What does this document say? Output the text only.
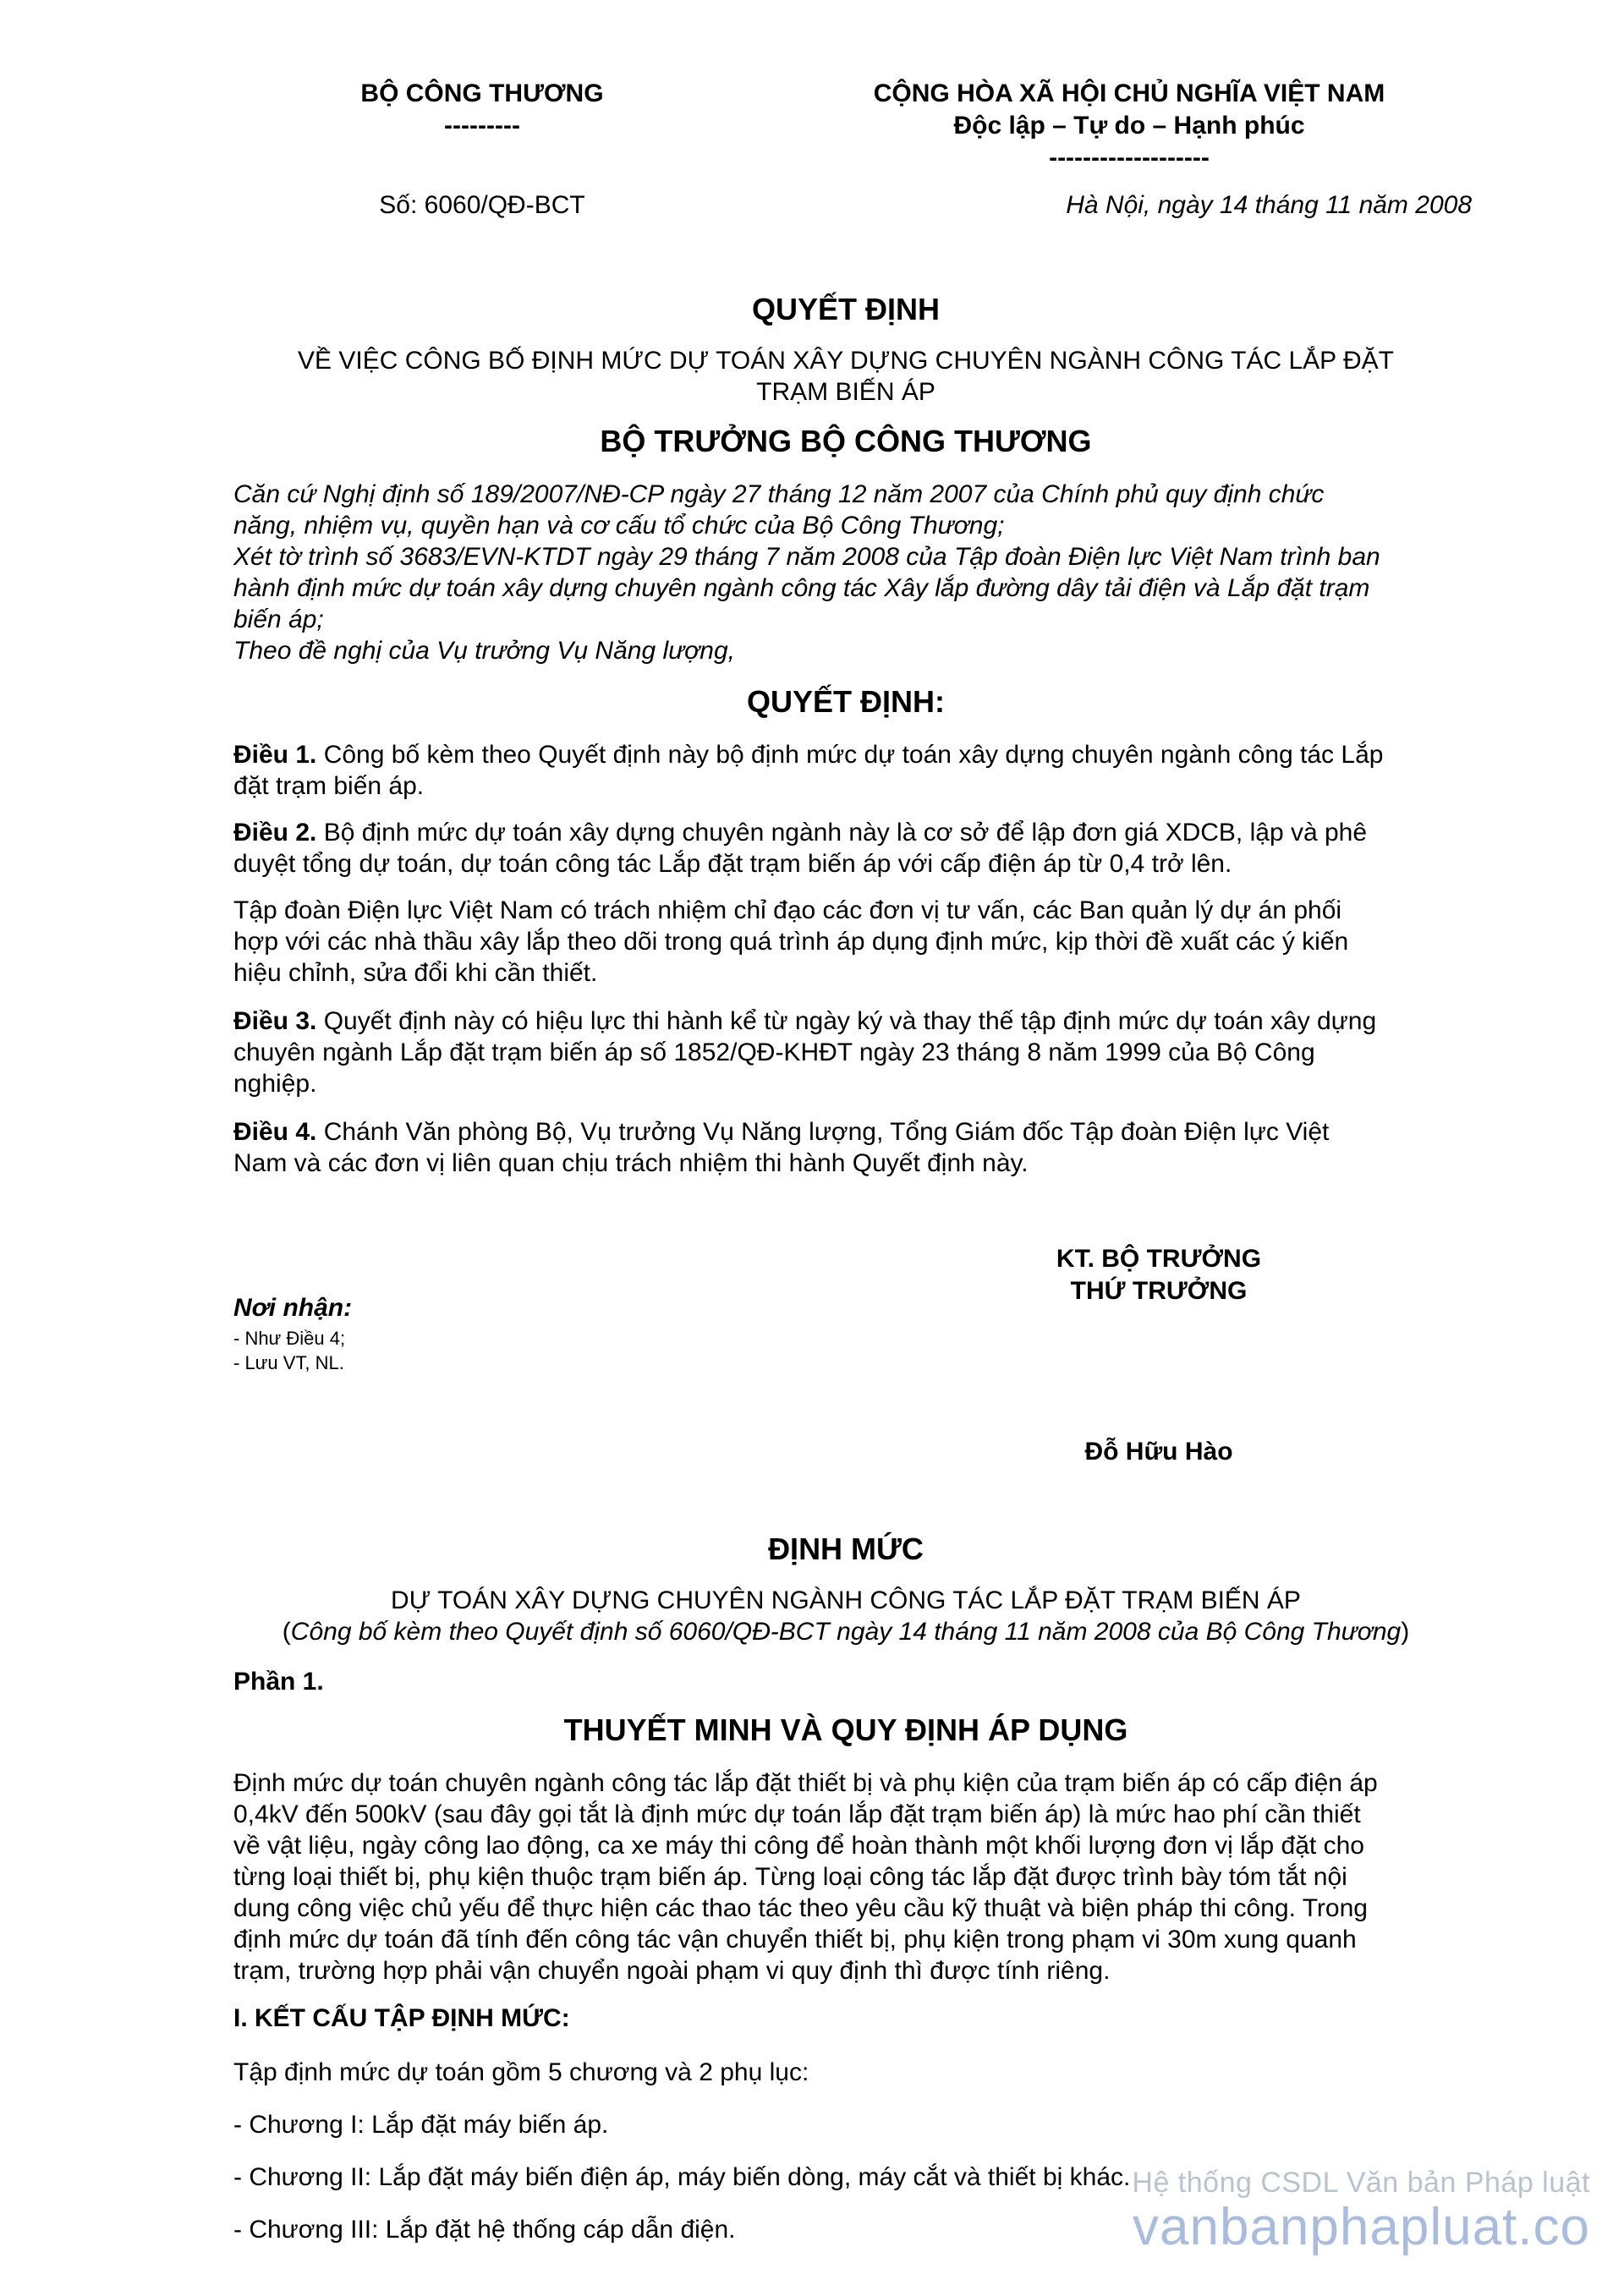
BỘ CÔNG THƯƠNG
---------
CỘNG HÒA XÃ HỘI CHỦ NGHĨA VIỆT NAM
Độc lập – Tự do – Hạnh phúc
-------------------
Số: 6060/QĐ-BCT	Hà Nội, ngày 14 tháng 11 năm 2008
QUYẾT ĐỊNH
VỀ VIỆC CÔNG BỐ ĐỊNH MỨC DỰ TOÁN XÂY DỰNG CHUYÊN NGÀNH CÔNG TÁC LẮP ĐẶT
TRẠM BIẾN ÁP
BỘ TRƯỞNG BỘ CÔNG THƯƠNG
Căn cứ Nghị định số 189/2007/NĐ-CP ngày 27 tháng 12 năm 2007 của Chính phủ quy định chức
năng, nhiệm vụ, quyền hạn và cơ cấu tổ chức của Bộ Công Thương;
Xét tờ trình số 3683/EVN-KTDT ngày 29 tháng 7 năm 2008 của Tập đoàn Điện lực Việt Nam trình ban
hành định mức dự toán xây dựng chuyên ngành công tác Xây lắp đường dây tải điện và Lắp đặt trạm
biến áp;
Theo đề nghị của Vụ trưởng Vụ Năng lượng,
QUYẾT ĐỊNH:
Điều 1. Công bố kèm theo Quyết định này bộ định mức dự toán xây dựng chuyên ngành công tác Lắp
đặt trạm biến áp.
Điều 2. Bộ định mức dự toán xây dựng chuyên ngành này là cơ sở để lập đơn giá XDCB, lập và phê
duyệt tổng dự toán, dự toán công tác Lắp đặt trạm biến áp với cấp điện áp từ 0,4 trở lên.
Tập đoàn Điện lực Việt Nam có trách nhiệm chỉ đạo các đơn vị tư vấn, các Ban quản lý dự án phối
hợp với các nhà thầu xây lắp theo dõi trong quá trình áp dụng định mức, kịp thời đề xuất các ý kiến
hiệu chỉnh, sửa đổi khi cần thiết.
Điều 3. Quyết định này có hiệu lực thi hành kể từ ngày ký và thay thế tập định mức dự toán xây dựng
chuyên ngành Lắp đặt trạm biến áp số 1852/QĐ-KHĐT ngày 23 tháng 8 năm 1999 của Bộ Công
nghiệp.
Điều 4. Chánh Văn phòng Bộ, Vụ trưởng Vụ Năng lượng, Tổng Giám đốc Tập đoàn Điện lực Việt
Nam và các đơn vị liên quan chịu trách nhiệm thi hành Quyết định này.
KT. BỘ TRƯỞNG
THỨ TRƯỞNG
Đỗ Hữu Hào
Nơi nhận:
- Như Điều 4;
- Lưu VT, NL.
ĐỊNH MỨC
DỰ TOÁN XÂY DỰNG CHUYÊN NGÀNH CÔNG TÁC LẮP ĐẶT TRẠM BIẾN ÁP
(Công bố kèm theo Quyết định số 6060/QĐ-BCT ngày 14 tháng 11 năm 2008 của Bộ Công Thương)
Phần 1.
THUYẾT MINH VÀ QUY ĐỊNH ÁP DỤNG
Định mức dự toán chuyên ngành công tác lắp đặt thiết bị và phụ kiện của trạm biến áp có cấp điện áp
0,4kV đến 500kV (sau đây gọi tắt là định mức dự toán lắp đặt trạm biến áp) là mức hao phí cần thiết
về vật liệu, ngày công lao động, ca xe máy thi công để hoàn thành một khối lượng đơn vị lắp đặt cho
từng loại thiết bị, phụ kiện thuộc trạm biến áp. Từng loại công tác lắp đặt được trình bày tóm tắt nội
dung công việc chủ yếu để thực hiện các thao tác theo yêu cầu kỹ thuật và biện pháp thi công. Trong
định mức dự toán đã tính đến công tác vận chuyển thiết bị, phụ kiện trong phạm vi 30m xung quanh
trạm, trường hợp phải vận chuyển ngoài phạm vi quy định thì được tính riêng.
I. KẾT CẤU TẬP ĐỊNH MỨC:
Tập định mức dự toán gồm 5 chương và 2 phụ lục:
- Chương I: Lắp đặt máy biến áp.
- Chương II: Lắp đặt máy biến điện áp, máy biến dòng, máy cắt và thiết bị khác.
- Chương III: Lắp đặt hệ thống cáp dẫn điện.
Hệ thống CSDL Văn bản Pháp luật
vanbanphapluat.co
